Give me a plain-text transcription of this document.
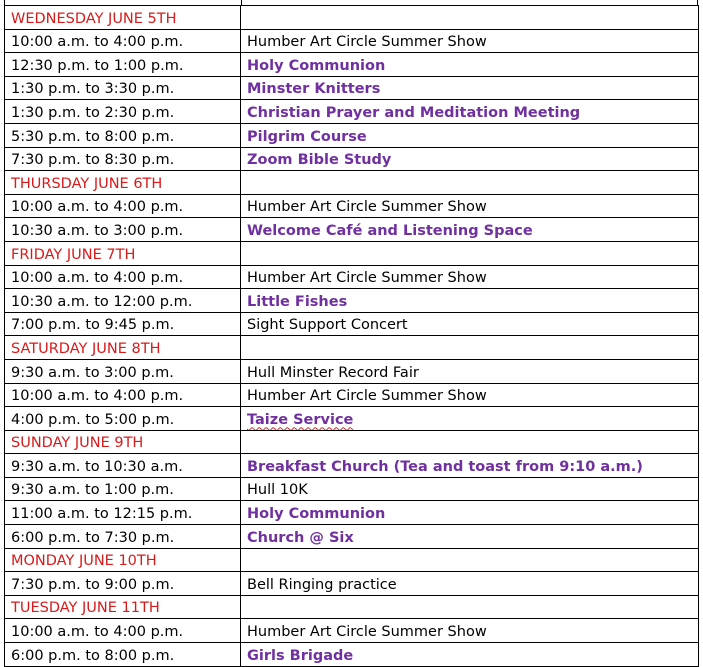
WEDNESDAY JUNE 5TH	
10:00 a.m. to 4:00 p.m.	Humber Art Circle Summer Show
12:30 p.m. to 1:00 p.m.	Holy Communion
1:30 p.m. to 3:30 p.m.	Minster Knitters
1:30 p.m. to 2:30 p.m.	Christian Prayer and Meditation Meeting
5:30 p.m. to 8:00 p.m.	Pilgrim Course
7:30 p.m. to 8:30 p.m.	Zoom Bible Study
THURSDAY JUNE 6TH	
10:00 a.m. to 4:00 p.m.	Humber Art Circle Summer Show
10:30 a.m. to 3:00 p.m.	Welcome Café and Listening Space
FRIDAY JUNE 7TH	
10:00 a.m. to 4:00 p.m.	Humber Art Circle Summer Show
10:30 a.m. to 12:00 p.m.	Little Fishes
7:00 p.m. to 9:45 p.m.	Sight Support Concert
SATURDAY JUNE 8TH	
9:30 a.m. to 3:00 p.m.	Hull Minster Record Fair
10:00 a.m. to 4:00 p.m.	Humber Art Circle Summer Show
4:00 p.m. to 5:00 p.m.	Taize Service
SUNDAY JUNE 9TH	
9:30 a.m. to 10:30 a.m.	Breakfast Church (Tea and toast from 9:10 a.m.)
9:30 a.m. to 1:00 p.m.	Hull 10K
11:00 a.m. to 12:15 p.m.	Holy Communion
6:00 p.m. to 7:30 p.m.	Church @ Six
MONDAY JUNE 10TH	
7:30 p.m. to 9:00 p.m.	Bell Ringing practice
TUESDAY JUNE 11TH	
10:00 a.m. to 4:00 p.m.	Humber Art Circle Summer Show
6:00 p.m. to 8:00 p.m.	Girls Brigade
